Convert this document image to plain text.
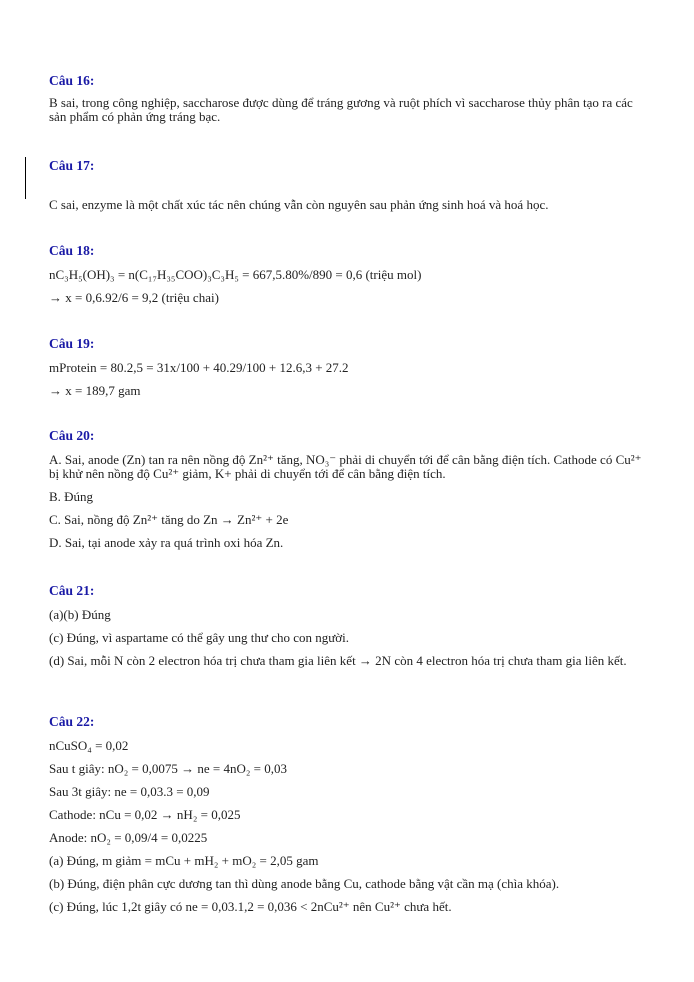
Câu 16:
B sai, trong công nghiệp, saccharose được dùng để tráng gương và ruột phích vì saccharose thủy phân tạo ra các sản phẩm có phản ứng tráng bạc.
Câu 17:
C sai, enzyme là một chất xúc tác nên chúng vẫn còn nguyên sau phản ứng sinh hoá và hoá học.
Câu 18:
nC₃H₅(OH)₃ = n(C₁₇H₃₅COO)₃C₃H₅ = 667,5.80%/890 = 0,6 (triệu mol)
→ x = 0,6.92/6 = 9,2 (triệu chai)
Câu 19:
mProtein = 80.2,5 = 31x/100 + 40.29/100 + 12.6,3 + 27.2
→ x = 189,7 gam
Câu 20:
A. Sai, anode (Zn) tan ra nên nồng độ Zn²⁺ tăng, NO₃⁻ phải di chuyển tới để cân bằng điện tích. Cathode có Cu²⁺ bị khử nên nồng độ Cu²⁺ giảm, K+ phải di chuyển tới để cân bằng điện tích.
B. Đúng
C. Sai, nồng độ Zn²⁺ tăng do Zn → Zn²⁺ + 2e
D. Sai, tại anode xảy ra quá trình oxi hóa Zn.
Câu 21:
(a)(b) Đúng
(c) Đúng, vì aspartame có thể gây ung thư cho con người.
(d) Sai, mỗi N còn 2 electron hóa trị chưa tham gia liên kết → 2N còn 4 electron hóa trị chưa tham gia liên kết.
Câu 22:
nCuSO₄ = 0,02
Sau t giây: nO₂ = 0,0075 → ne = 4nO₂ = 0,03
Sau 3t giây: ne = 0,03.3 = 0,09
Cathode: nCu = 0,02 → nH₂ = 0,025
Anode: nO₂ = 0,09/4 = 0,0225
(a) Đúng, m giảm = mCu + mH₂ + mO₂ = 2,05 gam
(b) Đúng, điện phân cực dương tan thì dùng anode bằng Cu, cathode bằng vật cần mạ (chìa khóa).
(c) Đúng, lúc 1,2t giây có ne = 0,03.1,2 = 0,036 < 2nCu²⁺ nên Cu²⁺ chưa hết.
